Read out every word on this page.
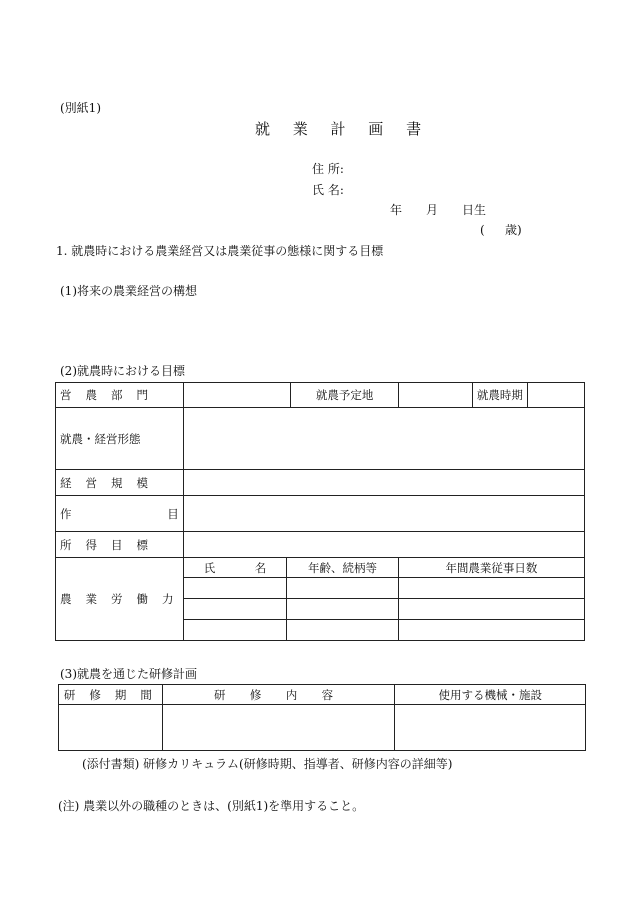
(別紙1)
就 業 計 画 書
住 所:
氏 名:
年 月 日生
( 歳)
1. 就農時における農業経営又は農業従事の態様に関する目標
(1)将来の農業経営の構想
(2)就農時における目標
営 農 部 門			就農予定地		就農時期	
就農・経営形態						
経 営 規 模						
作 目						

所 得 目 標						
農 業 労 働 力	氏 名	年齢、続柄等		年間農業従事日数		

(3)就農を通じた研修計画
研 修 期 間	研 修 内 容	使用する機械・施設

(添付書類) 研修カリキュラム(研修時期、指導者、研修内容の詳細等)
(注) 農業以外の職種のときは、(別紙1)を準用すること。
